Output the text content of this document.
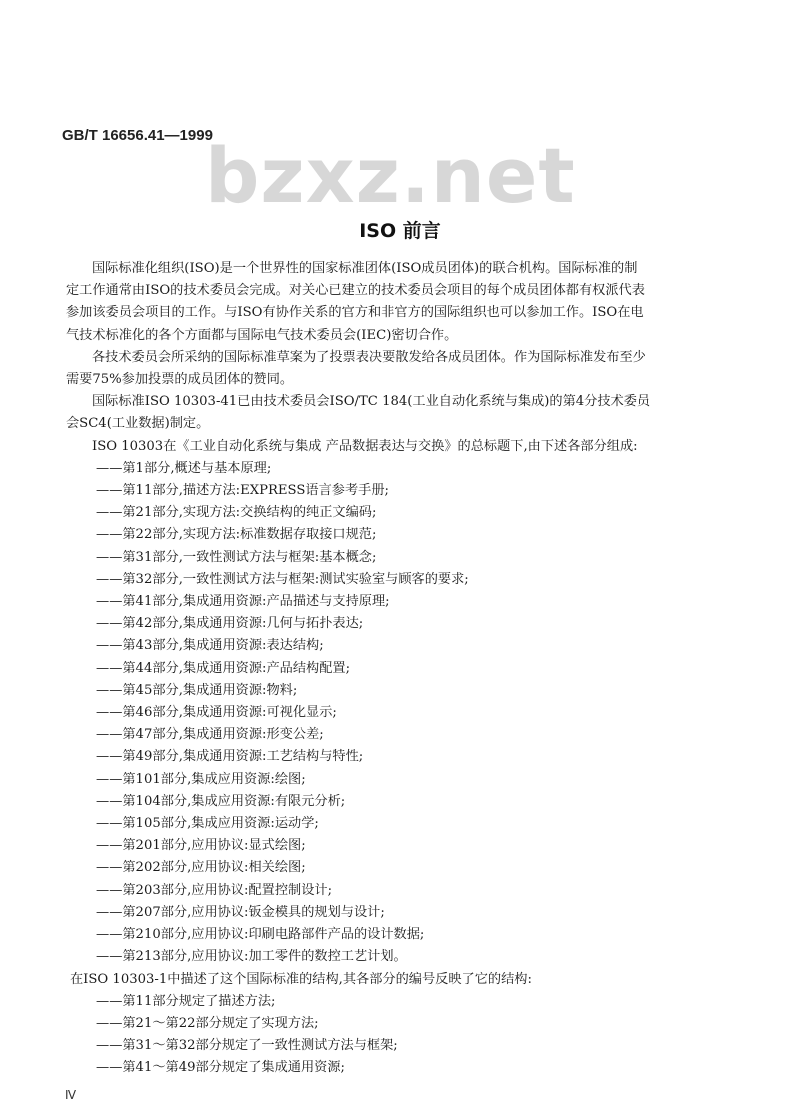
bzxz.net
GB/T 16656.41—1999
ISO 前言

国际标准化组织(ISO)是一个世界性的国家标准团体(ISO成员团体)的联合机构。国际标准的制
定工作通常由ISO的技术委员会完成。对关心已建立的技术委员会项目的每个成员团体都有权派代表
参加该委员会项目的工作。与ISO有协作关系的官方和非官方的国际组织也可以参加工作。ISO在电
气技术标准化的各个方面都与国际电气技术委员会(IEC)密切合作。

各技术委员会所采纳的国际标准草案为了投票表决要散发给各成员团体。作为国际标准发布至少
需要75%参加投票的成员团体的赞同。

国际标准ISO 10303-41已由技术委员会ISO/TC 184(工业自动化系统与集成)的第4分技术委员
会SC4(工业数据)制定。

ISO 10303在《工业自动化系统与集成 产品数据表达与交换》的总标题下,由下述各部分组成:

——第1部分,概述与基本原理;

——第11部分,描述方法:EXPRESS语言参考手册;

——第21部分,实现方法:交换结构的纯正文编码;

——第22部分,实现方法:标准数据存取接口规范;

——第31部分,一致性测试方法与框架:基本概念;

——第32部分,一致性测试方法与框架:测试实验室与顾客的要求;

——第41部分,集成通用资源:产品描述与支持原理;

——第42部分,集成通用资源:几何与拓扑表达;

——第43部分,集成通用资源:表达结构;

——第44部分,集成通用资源:产品结构配置;

——第45部分,集成通用资源:物料;

——第46部分,集成通用资源:可视化显示;

——第47部分,集成通用资源:形变公差;

——第49部分,集成通用资源:工艺结构与特性;

——第101部分,集成应用资源:绘图;

——第104部分,集成应用资源:有限元分析;

——第105部分,集成应用资源:运动学;

——第201部分,应用协议:显式绘图;

——第202部分,应用协议:相关绘图;

——第203部分,应用协议:配置控制设计;

——第207部分,应用协议:钣金模具的规划与设计;

——第210部分,应用协议:印刷电路部件产品的设计数据;

——第213部分,应用协议:加工零件的数控工艺计划。

在ISO 10303-1中描述了这个国际标准的结构,其各部分的编号反映了它的结构:

——第11部分规定了描述方法;

——第21～第22部分规定了实现方法;

——第31～第32部分规定了一致性测试方法与框架;

——第41～第49部分规定了集成通用资源;

Ⅳ
